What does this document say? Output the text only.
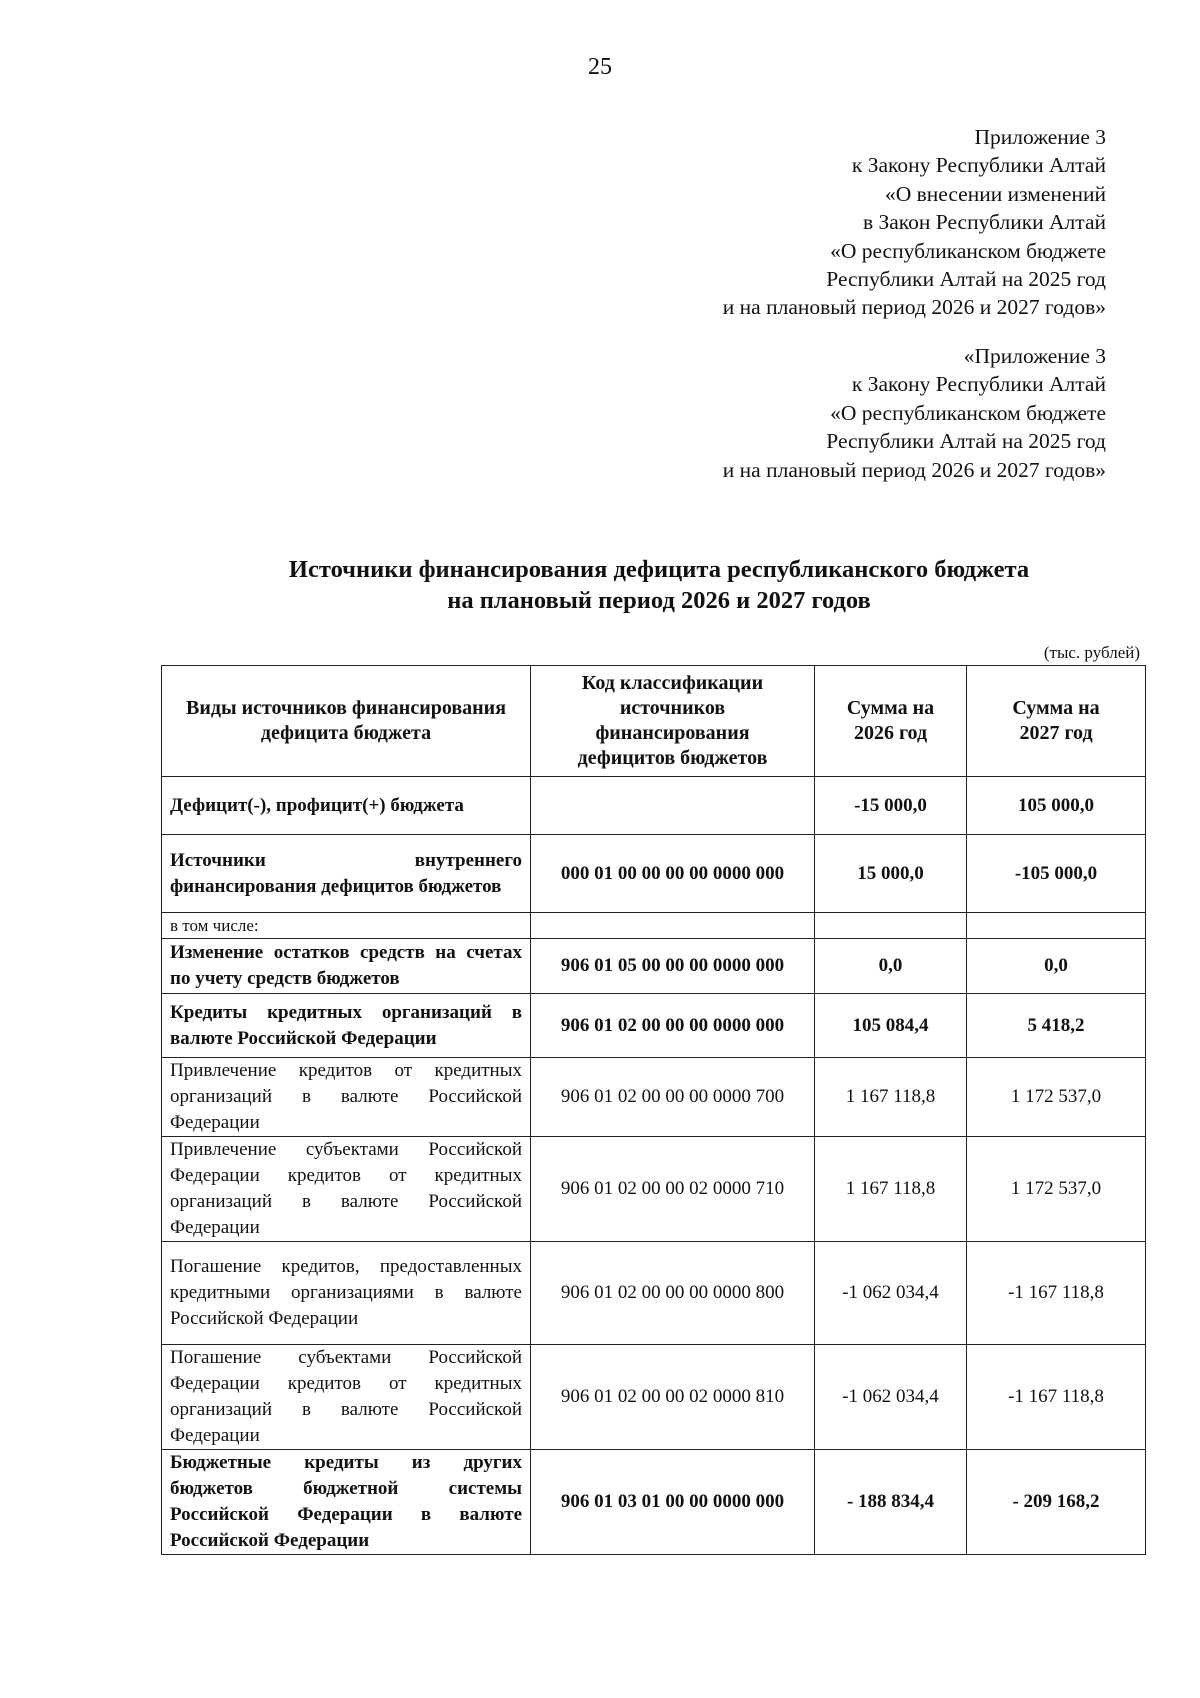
25
Приложение 3
к Закону Республики Алтай
«О внесении изменений
в Закон Республики Алтай
«О республиканском бюджете
Республики Алтай на 2025 год
и на плановый период 2026 и 2027 годов»
«Приложение 3
к Закону Республики Алтай
«О республиканском бюджете
Республики Алтай на 2025 год
и на плановый период 2026 и 2027 годов»
Источники финансирования дефицита республиканского бюджета
на плановый период 2026 и 2027 годов
(тыс. рублей)
Виды источников финансирования дефицита бюджета	Код классификации источников финансирования дефицитов бюджетов	Сумма на 2026 год	Сумма на 2027 год
Дефицит(-), профицит(+) бюджета		-15 000,0	105 000,0
Источники внутреннего финансирования дефицитов бюджетов	000 01 00 00 00 00 0000 000	15 000,0	-105 000,0
в том числе:			
Изменение остатков средств на счетах по учету средств бюджетов	906 01 05 00 00 00 0000 000	0,0	0,0
Кредиты кредитных организаций в валюте Российской Федерации	906 01 02 00 00 00 0000 000	105 084,4	5 418,2
Привлечение кредитов от кредитных организаций в валюте Российской Федерации	906 01 02 00 00 00 0000 700	1 167 118,8	1 172 537,0
Привлечение субъектами Российской Федерации кредитов от кредитных организаций в валюте Российской Федерации	906 01 02 00 00 02 0000 710	1 167 118,8	1 172 537,0
Погашение кредитов, предоставленных кредитными организациями в валюте Российской Федерации	906 01 02 00 00 00 0000 800	-1 062 034,4	-1 167 118,8
Погашение субъектами Российской Федерации кредитов от кредитных организаций в валюте Российской Федерации	906 01 02 00 00 02 0000 810	-1 062 034,4	-1 167 118,8
Бюджетные кредиты из других бюджетов бюджетной системы Российской Федерации в валюте Российской Федерации	906 01 03 01 00 00 0000 000	- 188 834,4	- 209 168,2
